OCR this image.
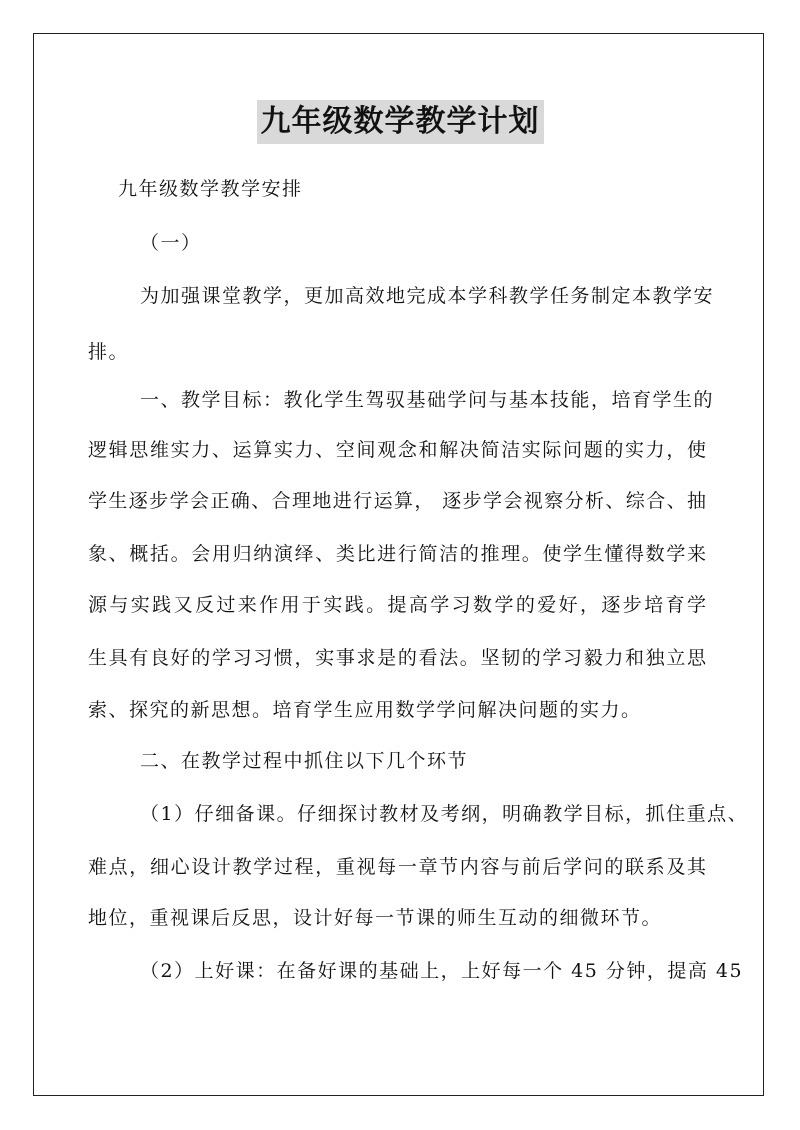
九年级数学教学计划
九年级数学教学安排
（一）
为加强课堂教学，更加高效地完成本学科教学任务制定本教学安
排。
一、教学目标：教化学生驾驭基础学问与基本技能，培育学生的
逻辑思维实力、运算实力、空间观念和解决简洁实际问题的实力，使
学生逐步学会正确、合理地进行运算， 逐步学会视察分析、综合、抽
象、概括。会用归纳演绎、类比进行简洁的推理。使学生懂得数学来
源与实践又反过来作用于实践。提高学习数学的爱好，逐步培育学
生具有良好的学习习惯，实事求是的看法。坚韧的学习毅力和独立思
索、探究的新思想。培育学生应用数学学问解决问题的实力。
二、在教学过程中抓住以下几个环节
（1）仔细备课。仔细探讨教材及考纲，明确教学目标，抓住重点、
难点，细心设计教学过程，重视每一章节内容与前后学问的联系及其
地位，重视课后反思，设计好每一节课的师生互动的细微环节。
（2）上好课：在备好课的基础上，上好每一个 45 分钟，提高 45
